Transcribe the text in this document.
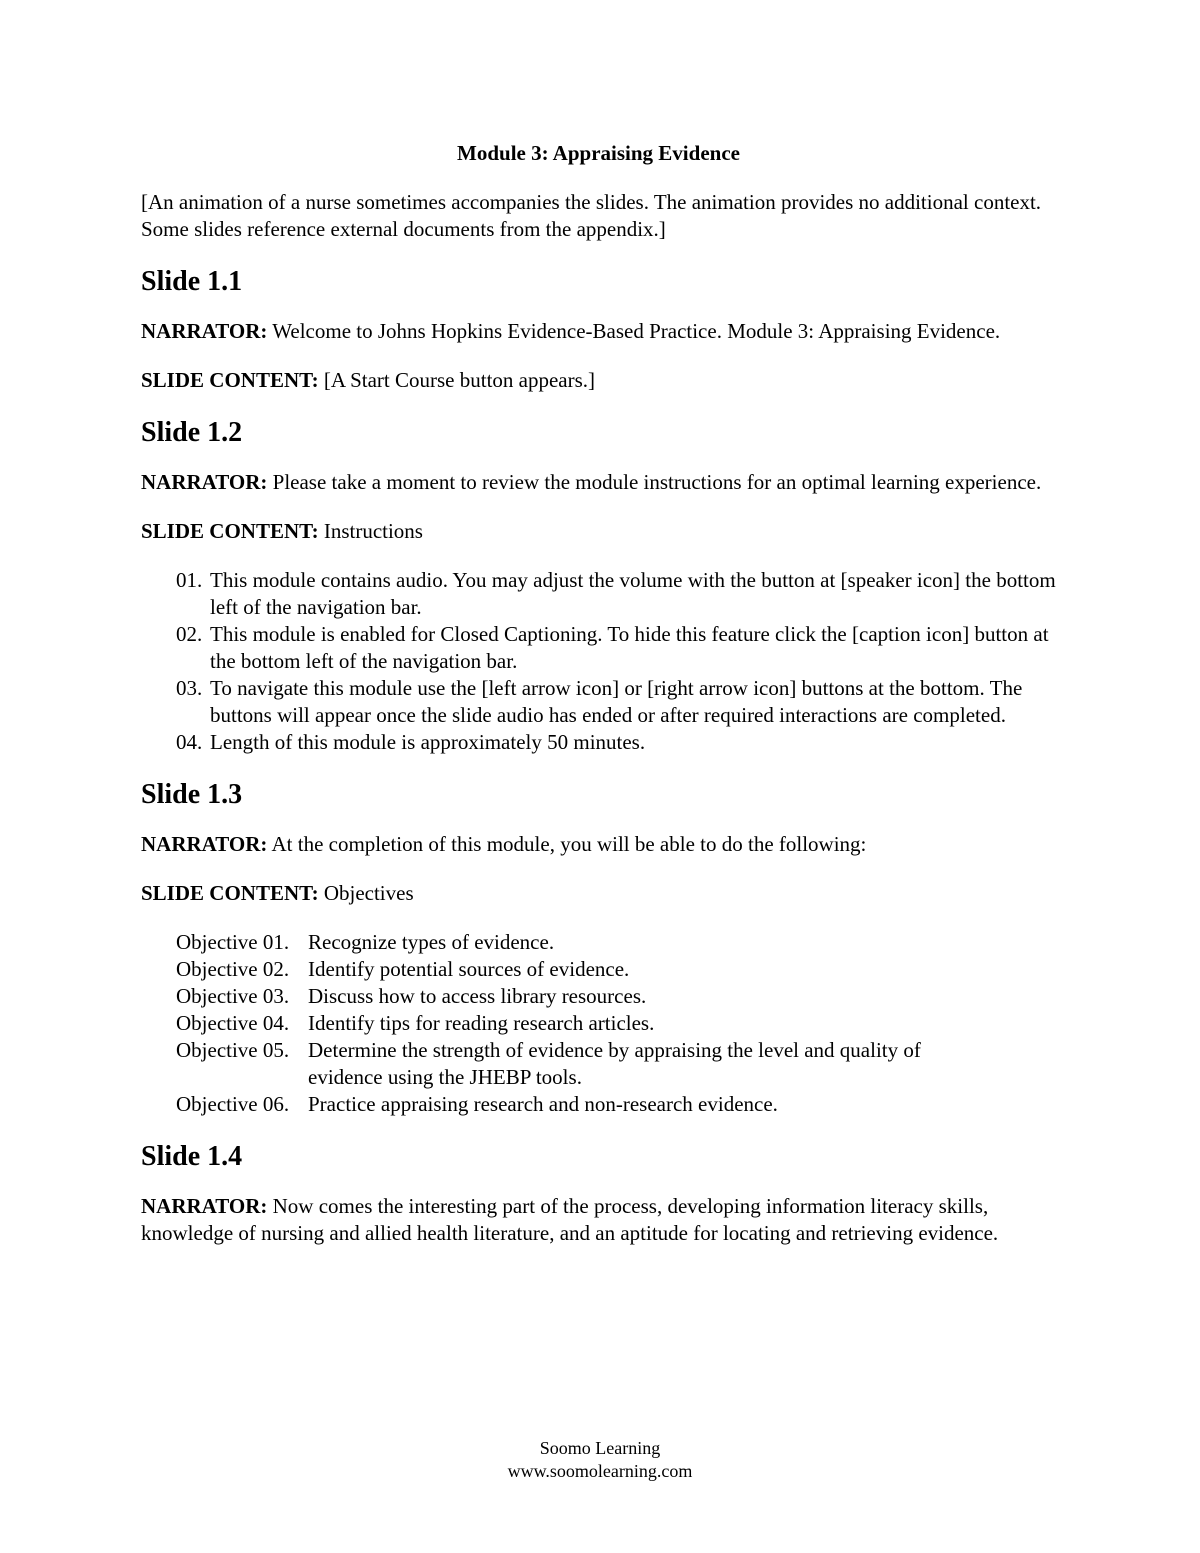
Module 3: Appraising Evidence

[An animation of a nurse sometimes accompanies the slides. The animation provides no additional context. Some slides reference external documents from the appendix.]

Slide 1.1

NARRATOR: Welcome to Johns Hopkins Evidence-Based Practice. Module 3: Appraising Evidence.

SLIDE CONTENT: [A Start Course button appears.]

Slide 1.2

NARRATOR: Please take a moment to review the module instructions for an optimal learning experience.

SLIDE CONTENT: Instructions

01. This module contains audio. You may adjust the volume with the button at [speaker icon] the bottom left of the navigation bar.
02. This module is enabled for Closed Captioning. To hide this feature click the [caption icon] button at the bottom left of the navigation bar.
03. To navigate this module use the [left arrow icon] or [right arrow icon] buttons at the bottom. The buttons will appear once the slide audio has ended or after required interactions are completed.
04. Length of this module is approximately 50 minutes.
Slide 1.3

NARRATOR: At the completion of this module, you will be able to do the following:

SLIDE CONTENT: Objectives

Objective 01. Recognize types of evidence.
Objective 02. Identify potential sources of evidence.
Objective 03. Discuss how to access library resources.
Objective 04. Identify tips for reading research articles.
Objective 05. Determine the strength of evidence by appraising the level and quality of evidence using the JHEBP tools.
Objective 06. Practice appraising research and non-research evidence.
Slide 1.4

NARRATOR: Now comes the interesting part of the process, developing information literacy skills, knowledge of nursing and allied health literature, and an aptitude for locating and retrieving evidence.

Soomo Learning
www.soomolearning.com
